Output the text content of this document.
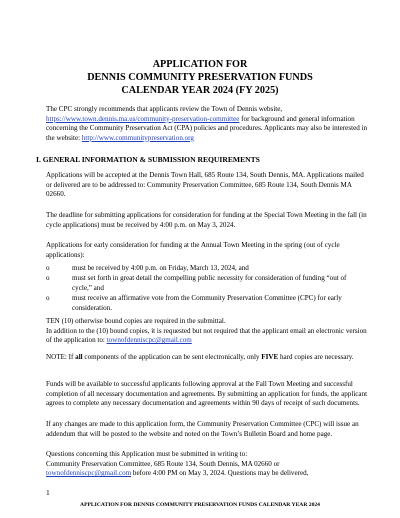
APPLICATION FOR
DENNIS COMMUNITY PRESERVATION FUNDS
CALENDAR YEAR 2024 (FY 2025)
The CPC strongly recommends that applicants review the Town of Dennis website,
https://www.town.dennis.ma.us/community-preservation-committee for background and general information concerning the Community Preservation Act (CPA) policies and procedures. Applicants may also be interested in the website: http://www.communitypreservation.org
I. GENERAL INFORMATION & SUBMISSION REQUIREMENTS
Applications will be accepted at the Dennis Town Hall, 685 Route 134, South Dennis, MA. Applications mailed or delivered are to be addressed to: Community Preservation Committee, 685 Route 134, South Dennis MA 02660.
The deadline for submitting applications for consideration for funding at the Special Town Meeting in the fall (in cycle applications) must be received by 4:00 p.m. on May 3, 2024.
Applications for early consideration for funding at the Annual Town Meeting in the spring (out of cycle applications):
o	must be received by 4:00 p.m. on Friday, March 13, 2024, and
o	must set forth in great detail the compelling public necessity for consideration of funding “out of cycle,” and
o	must receive an affirmative vote from the Community Preservation Committee (CPC) for early consideration.
TEN (10) otherwise bound copies are required in the submittal.
In addition to the (10) bound copies, it is requested but not required that the applicant email an electronic version of the application to: townofdenniscpc@gmail.com
NOTE: If all components of the application can be sent electronically, only FIVE hard copies are necessary.
Funds will be available to successful applicants following approval at the Fall Town Meeting and successful completion of all necessary documentation and agreements. By submitting an application for funds, the applicant agrees to complete any necessary documentation and agreements within 90 days of receipt of such documents.
If any changes are made to this application form, the Community Preservation Committee (CPC) will issue an addendum that will be posted to the website and noted on the Town’s Bulletin Board and home page.
Questions concerning this Application must be submitted in writing to:
Community Preservation Committee, 685 Route 134, South Dennis, MA 02660 or
townofdenniscpc@gmail.com before 4:00 PM on May 3, 2024. Questions may be delivered,
1
APPLICATION FOR DENNIS COMMUNITY PRESERVATION FUNDS CALENDAR YEAR 2024
